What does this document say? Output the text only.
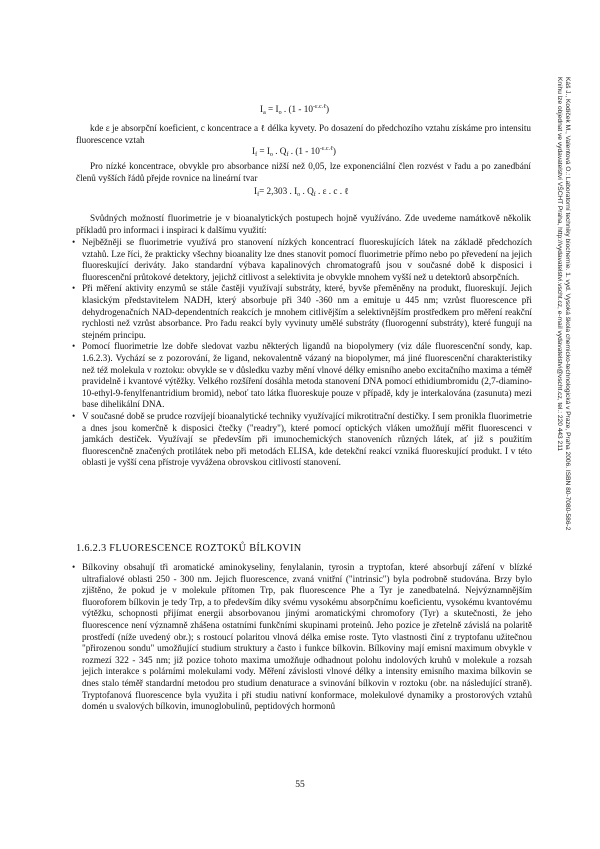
$I_a = I_o$ . $(1 - 10^{-\varepsilon.c.\ell})$

kde ε je absorpční koeficient, c koncentrace a ℓ délka kyvety. Po dosazení do předchozího vztahu získáme pro intensitu fluorescence vztah

$I_f = I_o$ . $Q_f$ . $(1 - 10^{-\varepsilon.c.\ell})$

Pro nízké koncentrace, obvykle pro absorbance nižší než 0,05, lze exponenciální člen rozvést v řadu a po zanedbání členů vyšších řádů přejde rovnice na lineární tvar

$I_f= 2,303$ . $I_o$ . $Q_f$ . ε . c . ℓ

Svůdných možností fluorimetrie je v bioanalytických postupech hojně využíváno. Zde uvedeme namátkově několik příkladů pro informaci i inspiraci k dalšímu využití:

• Nejběžněji se fluorimetrie využívá pro stanovení nízkých koncentrací fluoreskujících látek na základě předchozích vztahů. Lze říci, že prakticky všechny bioanality lze dnes stanovit pomocí fluorimetrie přímo nebo po převedení na jejich fluoreskující deriváty. Jako standardní výbava kapalinových chromatografů jsou v současné době k disposici i fluorescenční průtokové detektory, jejichž citlivost a selektivita je obvykle mnohem vyšší než u detektorů absorpčních.
• Při měření aktivity enzymů se stále častěji využívají substráty, které, byvše přeměněny na produkt, fluoreskují. Jejich klasickým představitelem NADH, který absorbuje při 340 -360 nm a emituje u 445 nm; vzrůst fluorescence při dehydrogenačních NAD-dependentních reakcích je mnohem citlivějším a selektivnějším prostředkem pro měření reakční rychlosti než vzrůst absorbance. Pro řadu reakcí byly vyvinuty umělé substráty (fluorogenní substráty), které fungují na stejném principu.
• Pomocí fluorimetrie lze dobře sledovat vazbu některých ligandů na biopolymery (viz dále fluorescenční sondy, kap. 1.6.2.3). Vychází se z pozorování, že ligand, nekovalentně vázaný na biopolymer, má jiné fluorescenční charakteristiky než též molekula v roztoku: obvykle se v důsledku vazby mění vlnové délky emisního anebo excitačního maxima a téměř pravidelně i kvantové výtěžky. Velkého rozšíření dosáhla metoda stanovení DNA pomocí ethidiumbromidu (2,7-diamino-10-ethyl-9-fenylfenantridium bromid), neboť tato látka fluoreskuje pouze v případě, kdy je interkalována (zasunuta) mezi base dihelikální DNA.
• V současné době se prudce rozvíjejí bioanalytické techniky využívající mikrotitrační destičky. I sem pronikla fluorimetrie a dnes jsou komerčně k disposici čtečky ("readry"), které pomocí optických vláken umožňují měřit fluorescenci v jamkách destiček. Využívají se především při imunochemických stanoveních různých látek, ať již s použitím fluorescenčně značených protilátek nebo při metodách ELISA, kde detekční reakcí vzniká fluoreskující produkt. I v této oblasti je vyšší cena přístroje vyvážena obrovskou citlivostí stanovení.
1.6.2.3 FLUORESCENCE ROZTOKŮ BÍLKOVIN
• Bílkoviny obsahují tři aromatické aminokyseliny, fenylalanin, tyrosin a tryptofan, které absorbují záření v blízké ultrafialové oblasti 250 - 300 nm. Jejich fluorescence, zvaná vnitřní ("intrinsic") byla podrobně studována. Brzy bylo zjištěno, že pokud je v molekule přítomen Trp, pak fluorescence Phe a Tyr je zanedbatelná. Nejvýznamnějším fluoroforem bílkovin je tedy Trp, a to především díky svému vysokému absorpčnímu koeficientu, vysokému kvantovému výtěžku, schopnosti přijímat energii absorbovanou jinými aromatickými chromofory (Tyr) a skutečnosti, že jeho fluorescence není významně zhášena ostatními funkčními skupinami proteinů. Jeho pozice je zřetelně závislá na polaritě prostředí (níže uvedený obr.); s rostoucí polaritou vlnová délka emise roste. Tyto vlastnosti činí z tryptofanu užitečnou "přirozenou sondu" umožňující studium struktury a často i funkce bílkovin. Bílkoviny mají emisní maximum obvykle v rozmezí 322 - 345 nm; již pozice tohoto maxima umožňuje odhadnout polohu indolových kruhů v molekule a rozsah jejich interakce s polárními molekulami vody. Měření závislosti vlnové délky a intensity emisního maxima bílkovin se dnes stalo téměř standardní metodou pro studium denaturace a svinování bílkovin v roztoku (obr. na následující straně). Tryptofanová fluorescence byla využita i při studiu nativní konformace, molekulové dynamiky a prostorových vztahů domén u svalových bílkovin, imunoglobulinů, peptidových hormonů
55
Káš J., Kodíček M., Valentová O.: Laboratorní techniky biochemie. 1. vyd. Vysoká škola chemicko-technologická v Praze, Praha 2006. ISBN 80-7080-586-2
Knihu lze objednat ve vydavatelství VŠCHT Praha, http://vydavatelstvi.vscht.cz, e-mail vydavatelstvi@vscht.cz, tel.: 220 443 211
